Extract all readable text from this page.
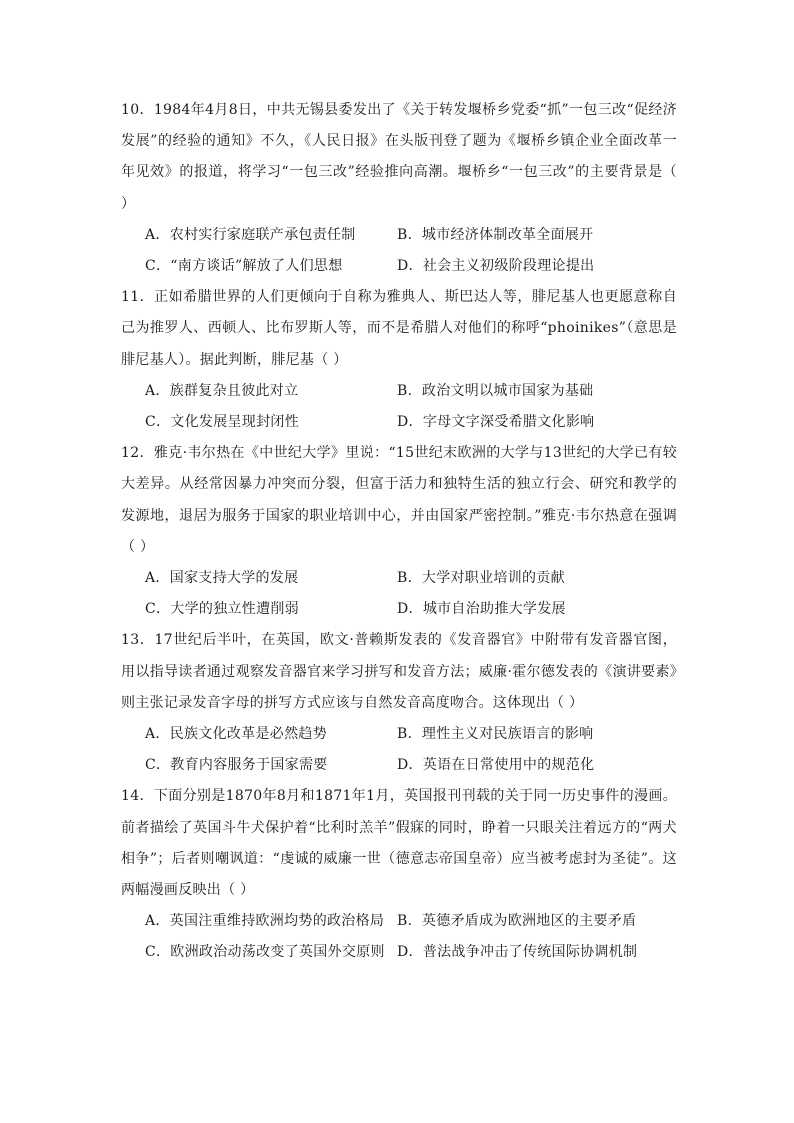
10．1984年4月8日，中共无锡县委发出了《关于转发堰桥乡党委“抓”一包三改“促经济发展”的经验的通知》不久，《人民日报》在头版刊登了题为《堰桥乡镇企业全面改革一年见效》的报道，将学习“一包三改”经验推向高潮。堰桥乡“一包三改”的主要背景是（ ）

A．农村实行家庭联产承包责任制	B．城市经济体制改革全面展开
C．“南方谈话”解放了人们思想	D．社会主义初级阶段理论提出

11．正如希腊世界的人们更倾向于自称为雅典人、斯巴达人等，腓尼基人也更愿意称自己为推罗人、西顿人、比布罗斯人等，而不是希腊人对他们的称呼“phoinikes”（意思是腓尼基人）。据此判断，腓尼基（ ）

A．族群复杂且彼此对立	B．政治文明以城市国家为基础
C．文化发展呈现封闭性	D．字母文字深受希腊文化影响

12．雅克·韦尔热在《中世纪大学》里说：“15世纪末欧洲的大学与13世纪的大学已有较大差异。从经常因暴力冲突而分裂，但富于活力和独特生活的独立行会、研究和教学的发源地，退居为服务于国家的职业培训中心，并由国家严密控制。”雅克·韦尔热意在强调（ ）

A．国家支持大学的发展	B．大学对职业培训的贡献
C．大学的独立性遭削弱	D．城市自治助推大学发展

13．17世纪后半叶，在英国，欧文·普赖斯发表的《发音器官》中附带有发音器官图，用以指导读者通过观察发音器官来学习拼写和发音方法；威廉·霍尔德发表的《演讲要素》则主张记录发音字母的拼写方式应该与自然发音高度吻合。这体现出（ ）

A．民族文化改革是必然趋势	B．理性主义对民族语言的影响
C．教育内容服务于国家需要	D．英语在日常使用中的规范化

14．下面分别是1870年8月和1871年1月，英国报刊刊载的关于同一历史事件的漫画。前者描绘了英国斗牛犬保护着“比利时羔羊”假寐的同时，睁着一只眼关注着远方的“两犬相争”；后者则嘲讽道：“虔诚的威廉一世（德意志帝国皇帝）应当被考虑封为圣徒”。这两幅漫画反映出（ ）

A．英国注重维持欧洲均势的政治格局 B．英德矛盾成为欧洲地区的主要矛盾
C．欧洲政治动荡改变了英国外交原则 D．普法战争冲击了传统国际协调机制
